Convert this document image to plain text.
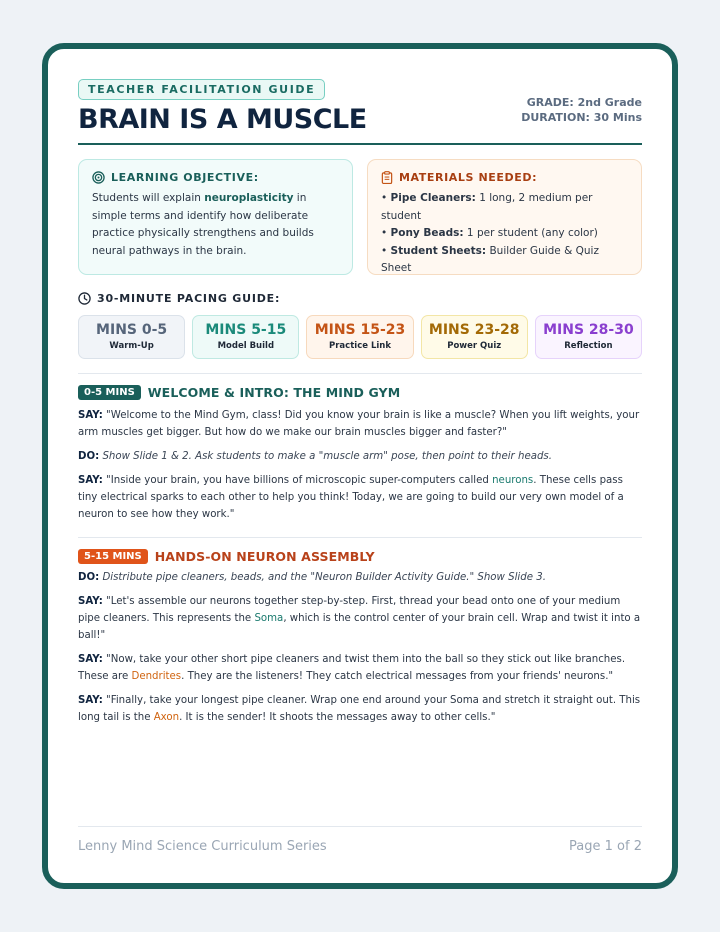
TEACHER FACILITATION GUIDE
BRAIN IS A MUSCLE
GRADE: 2nd Grade
DURATION: 30 Mins
LEARNING OBJECTIVE:
Students will explain neuroplasticity in simple terms and identify how deliberate practice physically strengthens and builds neural pathways in the brain.
MATERIALS NEEDED:
• Pipe Cleaners: 1 long, 2 medium per student
• Pony Beads: 1 per student (any color)
• Student Sheets: Builder Guide & Quiz Sheet
30-MINUTE PACING GUIDE:
MINS 0-5
Warm-Up
MINS 5-15
Model Build
MINS 15-23
Practice Link
MINS 23-28
Power Quiz
MINS 28-30
Reflection
0-5 MINS	WELCOME & INTRO: THE MIND GYM
SAY: "Welcome to the Mind Gym, class! Did you know your brain is like a muscle? When you lift weights, your arm muscles get bigger. But how do we make our brain muscles bigger and faster?"
DO: Show Slide 1 & 2. Ask students to make a "muscle arm" pose, then point to their heads.
SAY: "Inside your brain, you have billions of microscopic super-computers called neurons. These cells pass tiny electrical sparks to each other to help you think! Today, we are going to build our very own model of a neuron to see how they work."
5-15 MINS	HANDS-ON NEURON ASSEMBLY
DO: Distribute pipe cleaners, beads, and the "Neuron Builder Activity Guide." Show Slide 3.
SAY: "Let's assemble our neurons together step-by-step. First, thread your bead onto one of your medium pipe cleaners. This represents the Soma, which is the control center of your brain cell. Wrap and twist it into a ball!"
SAY: "Now, take your other short pipe cleaners and twist them into the ball so they stick out like branches. These are Dendrites. They are the listeners! They catch electrical messages from your friends' neurons."
SAY: "Finally, take your longest pipe cleaner. Wrap one end around your Soma and stretch it straight out. This long tail is the Axon. It is the sender! It shoots the messages away to other cells."
Lenny Mind Science Curriculum Series	Page 1 of 2
